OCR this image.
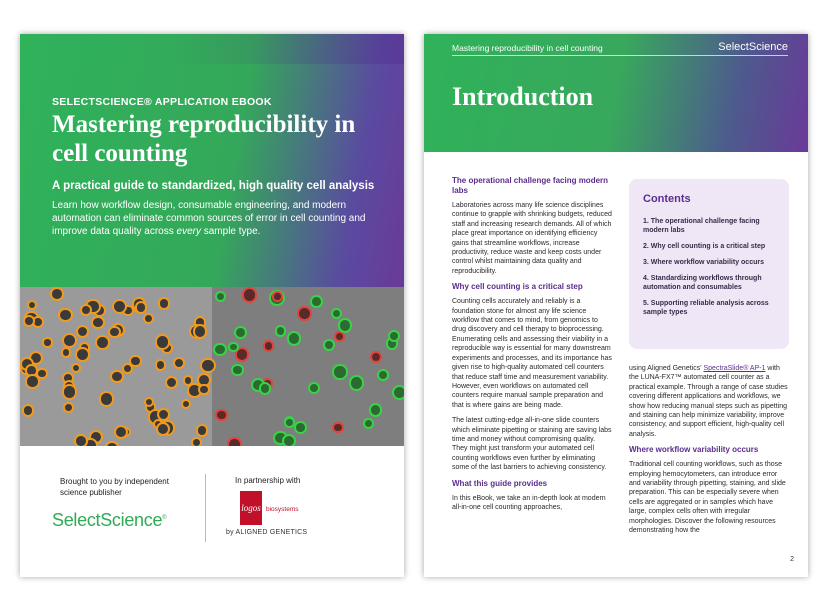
SELECTSCIENCE® APPLICATION EBOOK
Mastering reproducibility in cell counting
A practical guide to standardized, high quality cell analysis
Learn how workflow design, consumable engineering, and modern automation can eliminate common sources of error in cell counting and improve data quality across every sample type.
Brought to you by independent science publisher
SelectScience®
In partnership with
logos biosystems
by ALIGNED GENETICS
Mastering reproducibility in cell counting	SelectScience
Introduction
The operational challenge facing modern labs

Laboratories across many life science disciplines continue to grapple with shrinking budgets, reduced staff and increasing research demands. All of which place great importance on identifying efficiency gains that streamline workflows, increase productivity, reduce waste and keep costs under control whilst maintaining data quality and reproducibility.

Why cell counting is a critical step

Counting cells accurately and reliably is a foundation stone for almost any life science workflow that comes to mind, from genomics to drug discovery and cell therapy to bioprocessing. Enumerating cells and assessing their viability in a reproducible way is essential for many downstream experiments and processes, and its importance has given rise to high-quality automated cell counters that reduce staff time and measurement variability. However, even workflows on automated cell counters require manual sample preparation and that is where gains are being made.

The latest cutting-edge all-in-one slide counters which eliminate pipetting or staining are saving labs time and money without compromising quality. They might just transform your automated cell counting workflows even further by eliminating some of the last barriers to achieving consistency.

What this guide provides

In this eBook, we take an in-depth look at modern all-in-one cell counting approaches,

Contents
1. The operational challenge facing modern labs
2. Why cell counting is a critical step
3. Where workflow variability occurs
4. Standardizing workflows through automation and consumables
5. Supporting reliable analysis across sample types

using Aligned Genetics' SpectraSlide® AP-1 with the LUNA-FX7™ automated cell counter as a practical example. Through a range of case studies covering different applications and workflows, we show how reducing manual steps such as pipetting and staining can help minimize variability, improve consistency, and support efficient, high-quality cell analysis.

Where workflow variability occurs

Traditional cell counting workflows, such as those employing hemocytometers, can introduce error and variability through pipetting, staining, and slide preparation. This can be especially severe when cells are aggregated or in samples which have large, complex cells often with irregular morphologies. Discover the following resources demonstrating how the

2
